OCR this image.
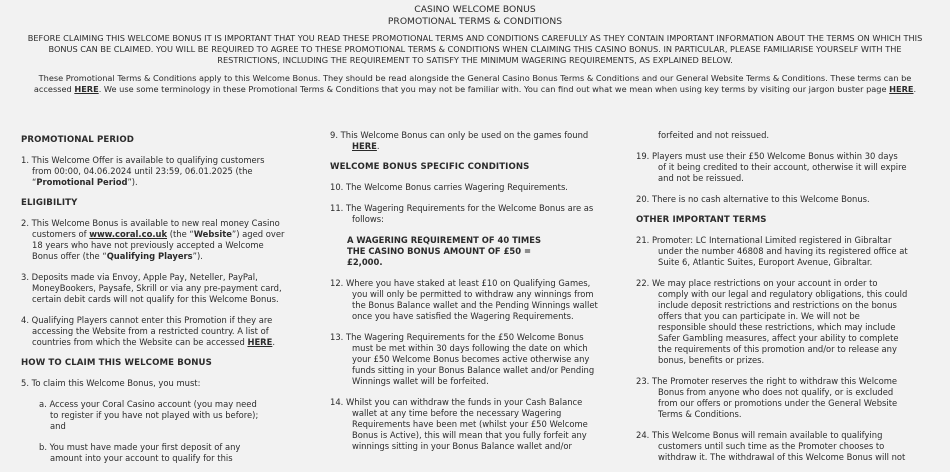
CASINO WELCOME BONUS
PROMOTIONAL TERMS & CONDITIONS
BEFORE CLAIMING THIS WELCOME BONUS IT IS IMPORTANT THAT YOU READ THESE PROMOTIONAL TERMS AND CONDITIONS CAREFULLY AS THEY CONTAIN IMPORTANT INFORMATION ABOUT THE TERMS ON WHICH THIS BONUS CAN BE CLAIMED. YOU WILL BE REQUIRED TO AGREE TO THESE PROMOTIONAL TERMS & CONDITIONS WHEN CLAIMING THIS CASINO BONUS. IN PARTICULAR, PLEASE FAMILIARISE YOURSELF WITH THE RESTRICTIONS, INCLUDING THE REQUIREMENT TO SATISFY THE MINIMUM WAGERING REQUIREMENTS, AS EXPLAINED BELOW.
These Promotional Terms & Conditions apply to this Welcome Bonus. They should be read alongside the General Casino Bonus Terms & Conditions and our General Website Terms & Conditions. These terms can be accessed HERE. We use some terminology in these Promotional Terms & Conditions that you may not be familiar with. You can find out what we mean when using key terms by visiting our jargon buster page HERE.
PROMOTIONAL PERIOD
1. This Welcome Offer is available to qualifying customers
from 00:00, 04.06.2024 until 23:59, 06.01.2025 (the
“Promotional Period”).
ELIGIBILITY
2. This Welcome Bonus is available to new real money Casino
customers of www.coral.co.uk (the “Website”) aged over
18 years who have not previously accepted a Welcome
Bonus offer (the “Qualifying Players”).
3. Deposits made via Envoy, Apple Pay, Neteller, PayPal,
MoneyBookers, Paysafe, Skrill or via any pre-payment card,
certain debit cards will not qualify for this Welcome Bonus.
4. Qualifying Players cannot enter this Promotion if they are
accessing the Website from a restricted country. A list of
countries from which the Website can be accessed HERE.
HOW TO CLAIM THIS WELCOME BONUS
5. To claim this Welcome Bonus, you must:
a. Access your Coral Casino account (you may need
to register if you have not played with us before);
and
b. You must have made your first deposit of any
amount into your account to qualify for this
9. This Welcome Bonus can only be used on the games found
HERE.
WELCOME BONUS SPECIFIC CONDITIONS
10. The Welcome Bonus carries Wagering Requirements.
11. The Wagering Requirements for the Welcome Bonus are as
follows:
A WAGERING REQUIREMENT OF 40 TIMES
THE CASINO BONUS AMOUNT OF £50 =
£2,000.
12. Where you have staked at least £10 on Qualifying Games,
you will only be permitted to withdraw any winnings from
the Bonus Balance wallet and the Pending Winnings wallet
once you have satisfied the Wagering Requirements.
13. The Wagering Requirements for the £50 Welcome Bonus
must be met within 30 days following the date on which
your £50 Welcome Bonus becomes active otherwise any
funds sitting in your Bonus Balance wallet and/or Pending
Winnings wallet will be forfeited.
14. Whilst you can withdraw the funds in your Cash Balance
wallet at any time before the necessary Wagering
Requirements have been met (whilst your £50 Welcome
Bonus is Active), this will mean that you fully forfeit any
winnings sitting in your Bonus Balance wallet and/or
forfeited and not reissued.
19. Players must use their £50 Welcome Bonus within 30 days
of it being credited to their account, otherwise it will expire
and not be reissued.
20. There is no cash alternative to this Welcome Bonus.
OTHER IMPORTANT TERMS
21. Promoter: LC International Limited registered in Gibraltar
under the number 46808 and having its registered office at
Suite 6, Atlantic Suites, Europort Avenue, Gibraltar.
22. We may place restrictions on your account in order to
comply with our legal and regulatory obligations, this could
include deposit restrictions and restrictions on the bonus
offers that you can participate in. We will not be
responsible should these restrictions, which may include
Safer Gambling measures, affect your ability to complete
the requirements of this promotion and/or to release any
bonus, benefits or prizes.
23. The Promoter reserves the right to withdraw this Welcome
Bonus from anyone who does not qualify, or is excluded
from our offers or promotions under the General Website
Terms & Conditions.
24. This Welcome Bonus will remain available to qualifying
customers until such time as the Promoter chooses to
withdraw it. The withdrawal of this Welcome Bonus will not
